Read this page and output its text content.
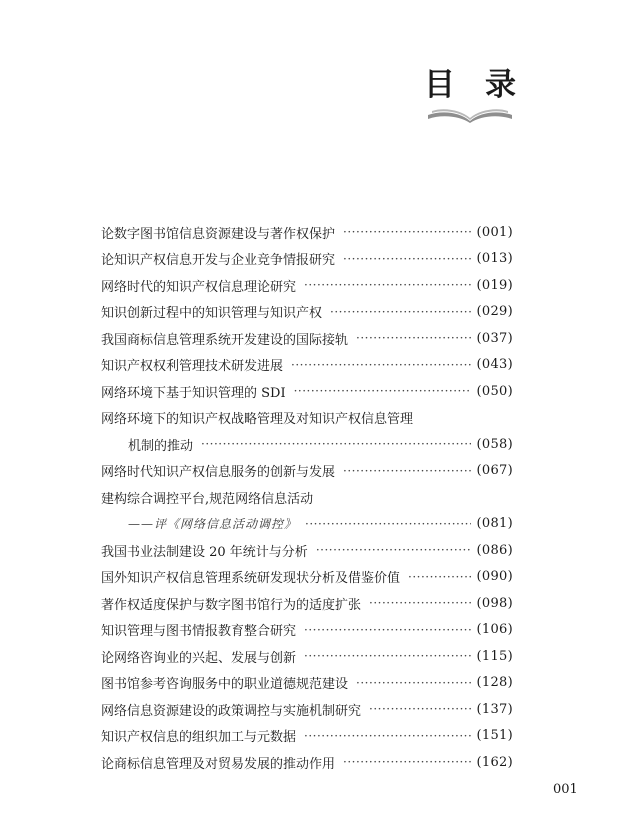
目 录
论数字图书馆信息资源建设与著作权保护 ·····	(001)
论知识产权信息开发与企业竞争情报研究 ·····	(013)
网络时代的知识产权信息理论研究 ·····	(019)
知识创新过程中的知识管理与知识产权 ·····	(029)
我国商标信息管理系统开发建设的国际接轨 ·····	(037)
知识产权权利管理技术研发进展 ·····	(043)
网络环境下基于知识管理的 SDI ·····	(050)
网络环境下的知识产权战略管理及对知识产权信息管理
机制的推动 ·····	(058)
网络时代知识产权信息服务的创新与发展 ·····	(067)
建构综合调控平台,规范网络信息活动
——评《网络信息活动调控》 ·····	(081)
我国书业法制建设 20 年统计与分析 ·····	(086)
国外知识产权信息管理系统研发现状分析及借鉴价值 ·····	(090)
著作权适度保护与数字图书馆行为的适度扩张 ·····	(098)
知识管理与图书情报教育整合研究 ·····	(106)
论网络咨询业的兴起、发展与创新 ·····	(115)
图书馆参考咨询服务中的职业道德规范建设 ·····	(128)
网络信息资源建设的政策调控与实施机制研究 ·····	(137)
知识产权信息的组织加工与元数据 ·····	(151)
论商标信息管理及对贸易发展的推动作用 ·····	(162)
001
